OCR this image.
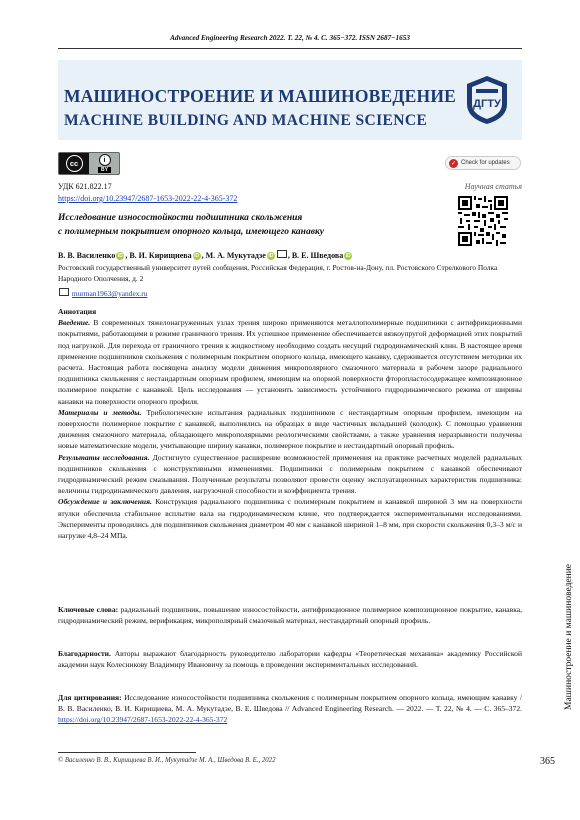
Advanced Engineering Research 2022. Т. 22, № 4. С. 365−372. ISSN 2687−1653
МАШИНОСТРОЕНИЕ И МАШИНОВЕДЕНИЕ
MACHINE BUILDING AND MACHINE SCIENCE
ДГТУ
cc	i
BY
✓ Check for updates
УДК 621.822.17
https://doi.org/10.23947/2687-1653-2022-22-4-365-372
Научная статья
Исследование износостойкости подшипника скольжения
с полимерным покрытием опорного кольца, имеющего канавку
В. В. Василенко iD , В. И. Кирищиева iD , М. А. Мукутадзе iD , В. Е. Шведова iD
Ростовский государственный университет путей сообщения, Российская Федерация, г. Ростов-на-Дону, пл. Ростовского Стрелкового Полка Народного Ополчения, д. 2
murman1963@yandex.ru

Аннотация

Введение. В современных тяжелонагруженных узлах трения широко применяются металлополимерные подшипники с антифрикционными покрытиями, работающими в режиме граничного трения. Их успешное применение обеспечивается вязкоупругой деформацией этих покрытий под нагрузкой. Для перехода от граничного трения к жидкостному необходимо создать несущий гидродинамический клин. В настоящее время применение подшипников скольжения с полимерным покрытием опорного кольца, имеющего канавку, сдерживается отсутствием методики их расчета. Настоящая работа посвящена анализу модели движения микрополярного смазочного материала в рабочем зазоре радиального подшипника скольжения с нестандартным опорным профилем, имеющим на опорной поверхности фторопластосодержащее композиционное полимерное покрытие с канавкой. Цель исследования — установить зависимость устойчивого гидродинамического режима от ширины канавки на поверхности опорного профиля.

Материалы и методы. Трибологические испытания радиальных подшипников с нестандартным опорным профилем, имеющим на поверхности полимерное покрытие с канавкой, выполнялись на образцах в виде частичных вкладышей (колодок). С помощью уравнения движения смазочного материала, обладающего микрополярными реологическими свойствами, а также уравнения неразрывности получены новые математические модели, учитывающие ширину канавки, полимерное покрытие и нестандартный опорный профиль.

Результаты исследования. Достигнуто существенное расширение возможностей применения на практике расчетных моделей радиальных подшипников скольжения с конструктивными изменениями. Подшипники с полимерным покрытием с канавкой обеспечивают гидродинамический режим смазывания. Полученные результаты позволяют провести оценку эксплуатационных характеристик подшипника: величины гидродинамического давления, нагрузочной способности и коэффициента трения.

Обсуждение и заключения. Конструкция радиального подшипника с полимерным покрытием и канавкой шириной 3 мм на поверхности втулки обеспечила стабильное всплытие вала на гидродинамическом клине, что подтверждается экспериментальными исследованиями. Эксперименты проводились для подшипников скольжения диаметром 40 мм с канавкой шириной 1–8 мм, при скорости скольжения 0,3–3 м/с и нагрузке 4,8–24 МПа.

Ключевые слова: радиальный подшипник, повышение износостойкости, антифрикционное полимерное композиционное покрытие, канавка, гидродинамический режим, верификация, микрополярный смазочный материал, нестандартный опорный профиль.
Благодарности. Авторы выражают благодарность руководителю лаборатории кафедры «Теоретическая механика» академику Российской академии наук Колесникову Владимиру Ивановичу за помощь в проведении экспериментальных исследований.
Для цитирования: Исследование износостойкости подшипника скольжения с полимерным покрытием опорного кольца, имеющим канавку / В. В. Василенко, В. И. Кирищиева, М. А. Мукутадзе, В. Е. Шведова // Advanced Engineering Research. — 2022. — Т. 22, № 4. — С. 365–372. https://doi.org/10.23947/2687-1653-2022-22-4-365-372
© Василенко В. В., Кирищиева В. И., Мукутадзе М. А., Шведова В. Е., 2022	365
Машиностроение и машиноведение
